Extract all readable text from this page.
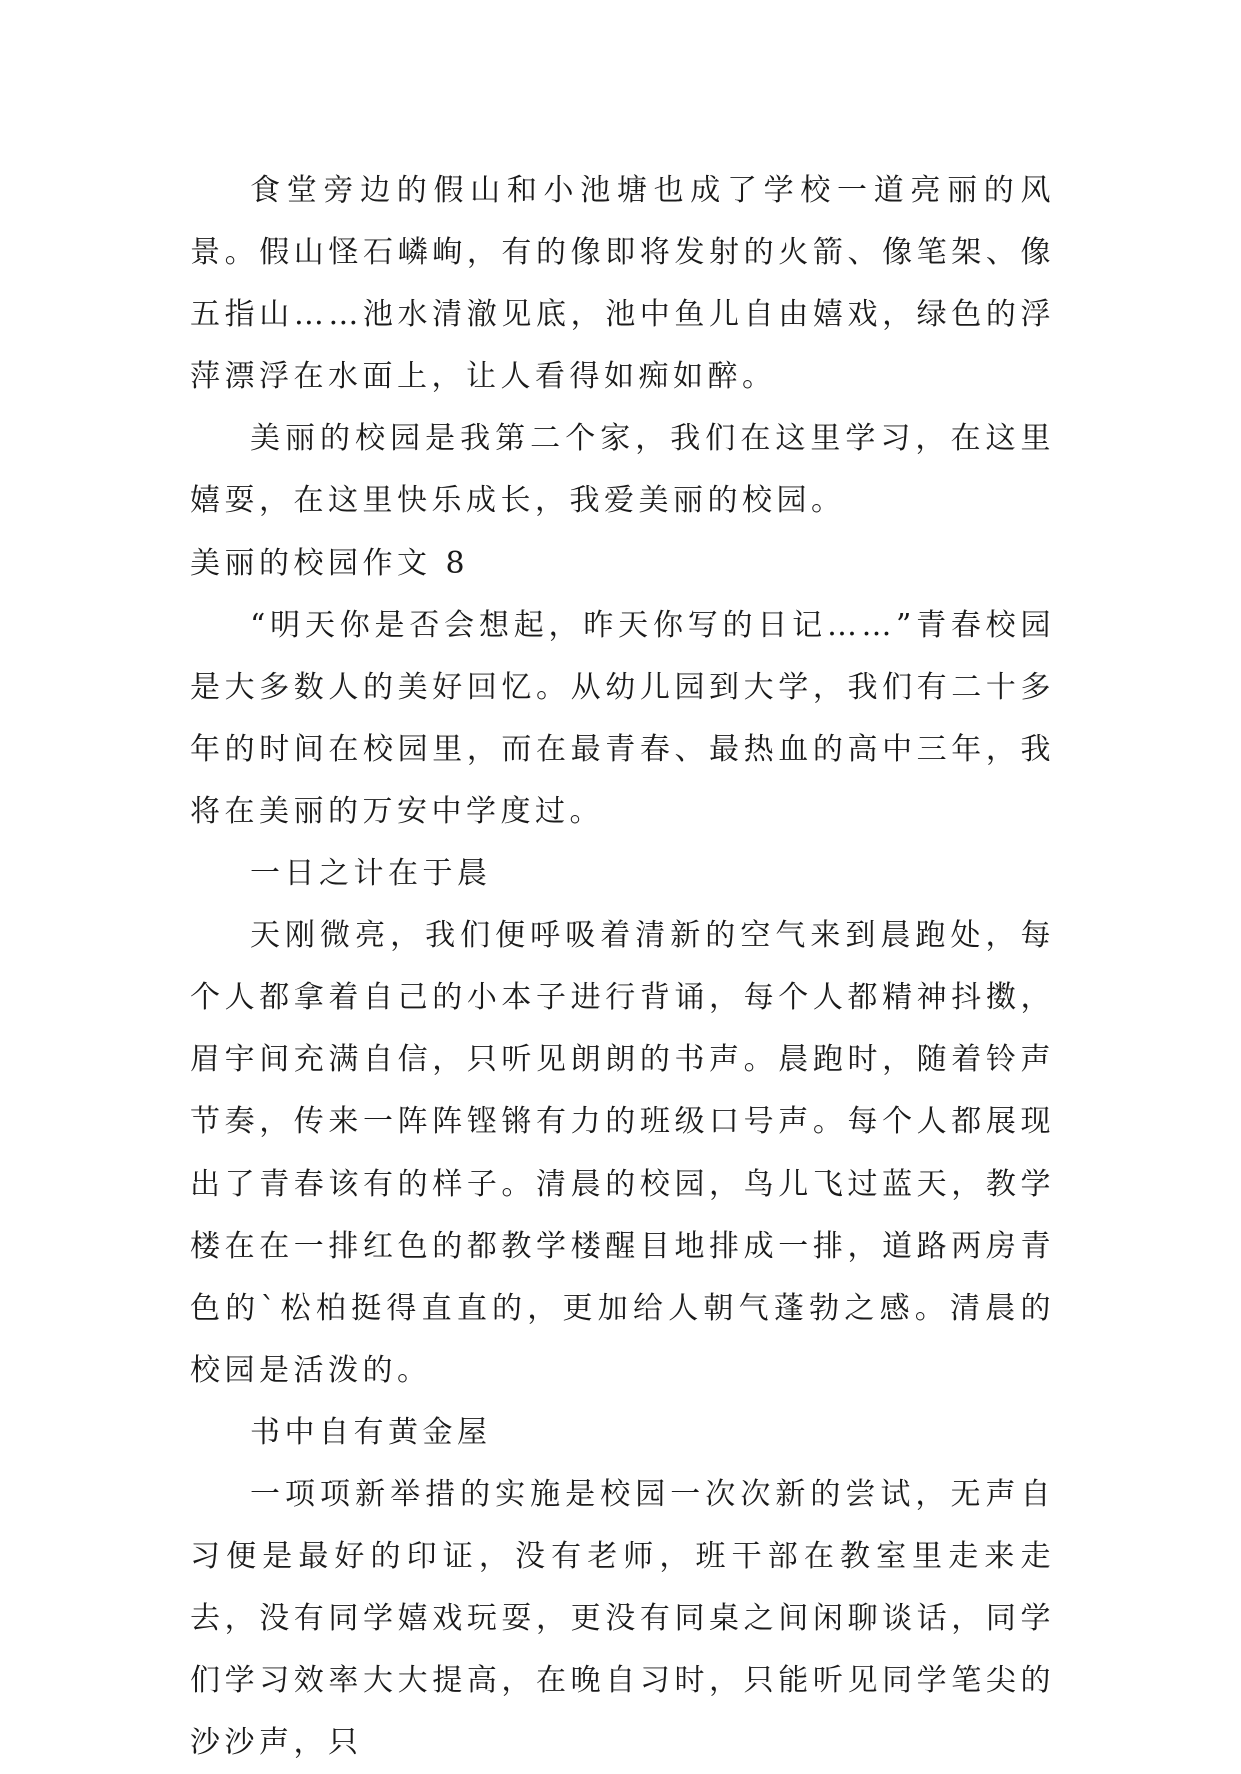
食堂旁边的假山和小池塘也成了学校一道亮丽的风景。假山怪石嶙峋，有的像即将发射的火箭、像笔架、像五指山……池水清澈见底，池中鱼儿自由嬉戏，绿色的浮萍漂浮在水面上，让人看得如痴如醉。

美丽的校园是我第二个家，我们在这里学习，在这里嬉耍，在这里快乐成长，我爱美丽的校园。

美丽的校园作文 8

“明天你是否会想起，昨天你写的日记……”青春校园是大多数人的美好回忆。从幼儿园到大学，我们有二十多年的时间在校园里，而在最青春、最热血的高中三年，我将在美丽的万安中学度过。

一日之计在于晨

天刚微亮，我们便呼吸着清新的空气来到晨跑处，每个人都拿着自己的小本子进行背诵，每个人都精神抖擞，眉宇间充满自信，只听见朗朗的书声。晨跑时，随着铃声节奏，传来一阵阵铿锵有力的班级口号声。每个人都展现出了青春该有的样子。清晨的校园，鸟儿飞过蓝天，教学楼在在一排红色的都教学楼醒目地排成一排，道路两房青色的`松柏挺得直直的，更加给人朝气蓬勃之感。清晨的校园是活泼的。

书中自有黄金屋

一项项新举措的实施是校园一次次新的尝试，无声自习便是最好的印证，没有老师，班干部在教室里走来走去，没有同学嬉戏玩耍，更没有同桌之间闲聊谈话，同学们学习效率大大提高，在晚自习时，只能听见同学笔尖的沙沙声，只
